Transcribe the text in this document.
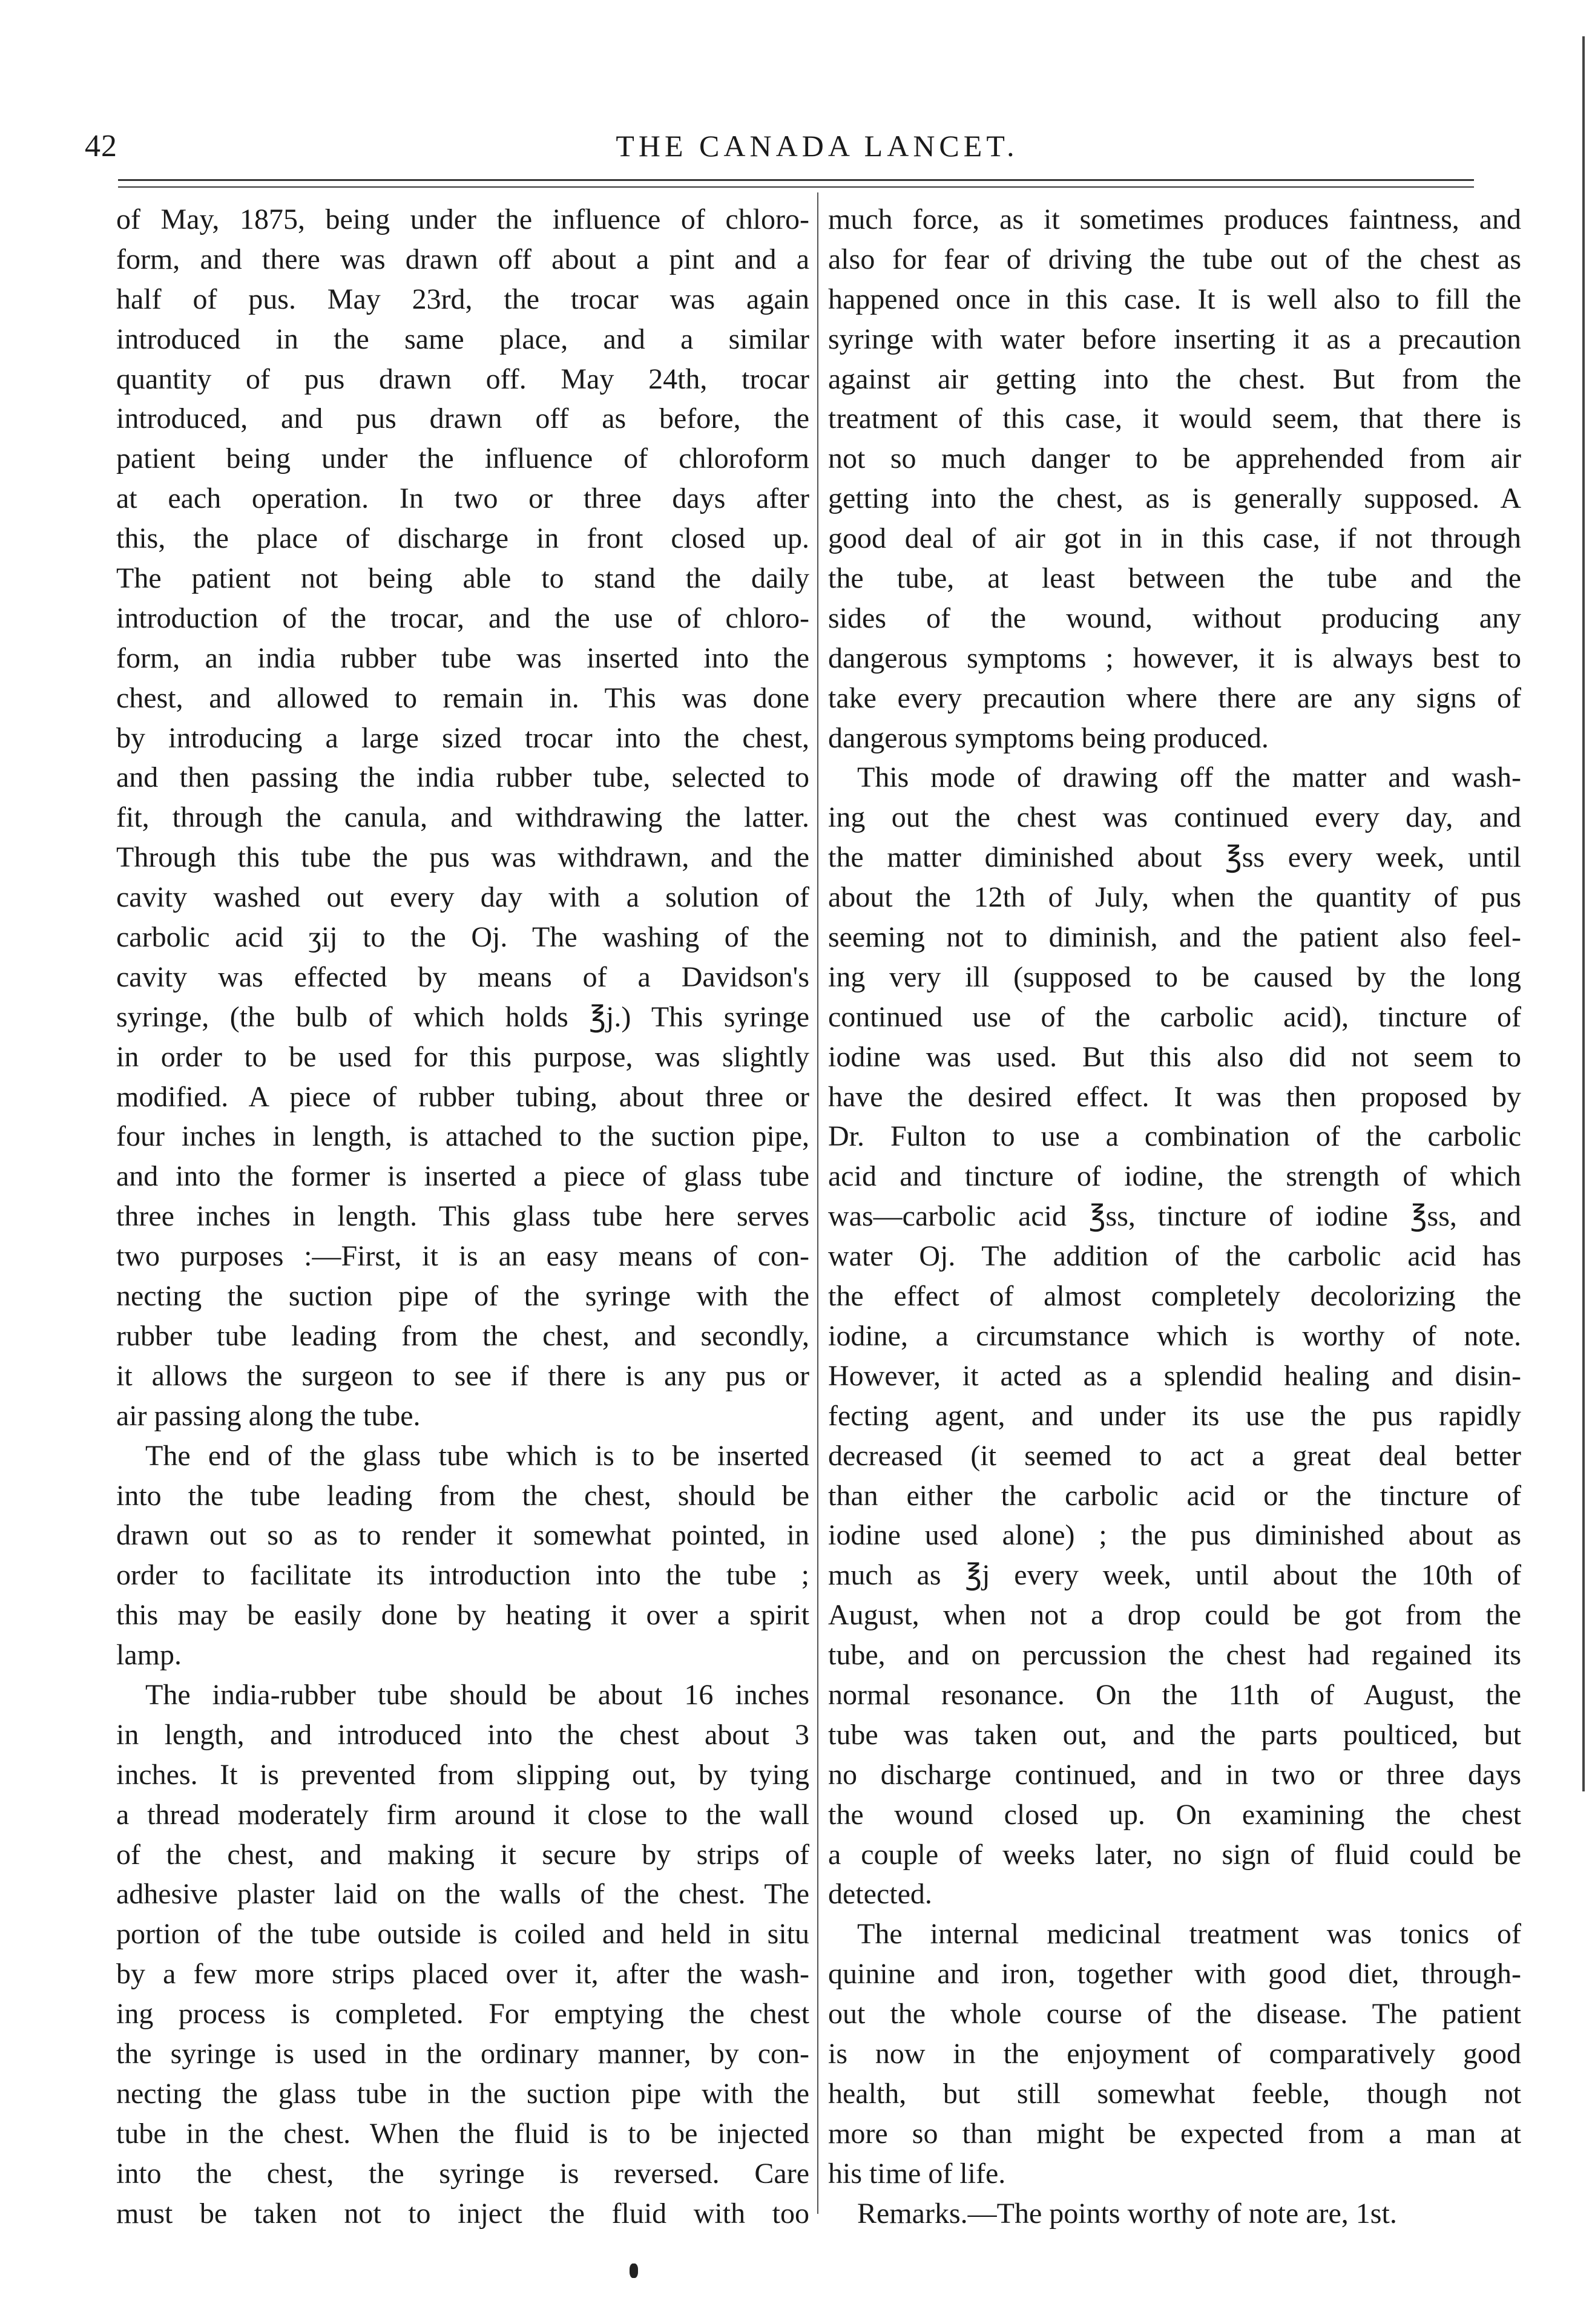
42	THE CANADA LANCET.
of May, 1875, being under the influence of chloro-
form, and there was drawn off about a pint and a
half of pus. May 23rd, the trocar was again
introduced in the same place, and a similar
quantity of pus drawn off. May 24th, trocar
introduced, and pus drawn off as before, the
patient being under the influence of chloroform
at each operation. In two or three days after
this, the place of discharge in front closed up.
The patient not being able to stand the daily
introduction of the trocar, and the use of chloro-
form, an india rubber tube was inserted into the
chest, and allowed to remain in. This was done
by introducing a large sized trocar into the chest,
and then passing the india rubber tube, selected to
fit, through the canula, and withdrawing the latter.
Through this tube the pus was withdrawn, and the
cavity washed out every day with a solution of
carbolic acid ʒij to the Oj. The washing of the
cavity was effected by means of a Davidson's
syringe, (the bulb of which holds ℥j.) This syringe
in order to be used for this purpose, was slightly
modified. A piece of rubber tubing, about three or
four inches in length, is attached to the suction pipe,
and into the former is inserted a piece of glass tube
three inches in length. This glass tube here serves
two purposes :—First, it is an easy means of con-
necting the suction pipe of the syringe with the
rubber tube leading from the chest, and secondly,
it allows the surgeon to see if there is any pus or
air passing along the tube.
The end of the glass tube which is to be inserted
into the tube leading from the chest, should be
drawn out so as to render it somewhat pointed, in
order to facilitate its introduction into the tube ;
this may be easily done by heating it over a spirit
lamp.
The india-rubber tube should be about 16 inches
in length, and introduced into the chest about 3
inches. It is prevented from slipping out, by tying
a thread moderately firm around it close to the wall
of the chest, and making it secure by strips of
adhesive plaster laid on the walls of the chest. The
portion of the tube outside is coiled and held in situ
by a few more strips placed over it, after the wash-
ing process is completed. For emptying the chest
the syringe is used in the ordinary manner, by con-
necting the glass tube in the suction pipe with the
tube in the chest. When the fluid is to be injected
into the chest, the syringe is reversed. Care
must be taken not to inject the fluid with too
much force, as it sometimes produces faintness, and
also for fear of driving the tube out of the chest as
happened once in this case. It is well also to fill the
syringe with water before inserting it as a precaution
against air getting into the chest. But from the
treatment of this case, it would seem, that there is
not so much danger to be apprehended from air
getting into the chest, as is generally supposed. A
good deal of air got in in this case, if not through
the tube, at least between the tube and the
sides of the wound, without producing any
dangerous symptoms ; however, it is always best to
take every precaution where there are any signs of
dangerous symptoms being produced.
This mode of drawing off the matter and wash-
ing out the chest was continued every day, and
the matter diminished about ℥ss every week, until
about the 12th of July, when the quantity of pus
seeming not to diminish, and the patient also feel-
ing very ill (supposed to be caused by the long
continued use of the carbolic acid), tincture of
iodine was used. But this also did not seem to
have the desired effect. It was then proposed by
Dr. Fulton to use a combination of the carbolic
acid and tincture of iodine, the strength of which
was—carbolic acid ℥ss, tincture of iodine ℥ss, and
water Oj. The addition of the carbolic acid has
the effect of almost completely decolorizing the
iodine, a circumstance which is worthy of note.
However, it acted as a splendid healing and disin-
fecting agent, and under its use the pus rapidly
decreased (it seemed to act a great deal better
than either the carbolic acid or the tincture of
iodine used alone) ; the pus diminished about as
much as ℥j every week, until about the 10th of
August, when not a drop could be got from the
tube, and on percussion the chest had regained its
normal resonance. On the 11th of August, the
tube was taken out, and the parts poulticed, but
no discharge continued, and in two or three days
the wound closed up. On examining the chest
a couple of weeks later, no sign of fluid could be
detected.
The internal medicinal treatment was tonics of
quinine and iron, together with good diet, through-
out the whole course of the disease. The patient
is now in the enjoyment of comparatively good
health, but still somewhat feeble, though not
more so than might be expected from a man at
his time of life.
Remarks.—The points worthy of note are, 1st.
